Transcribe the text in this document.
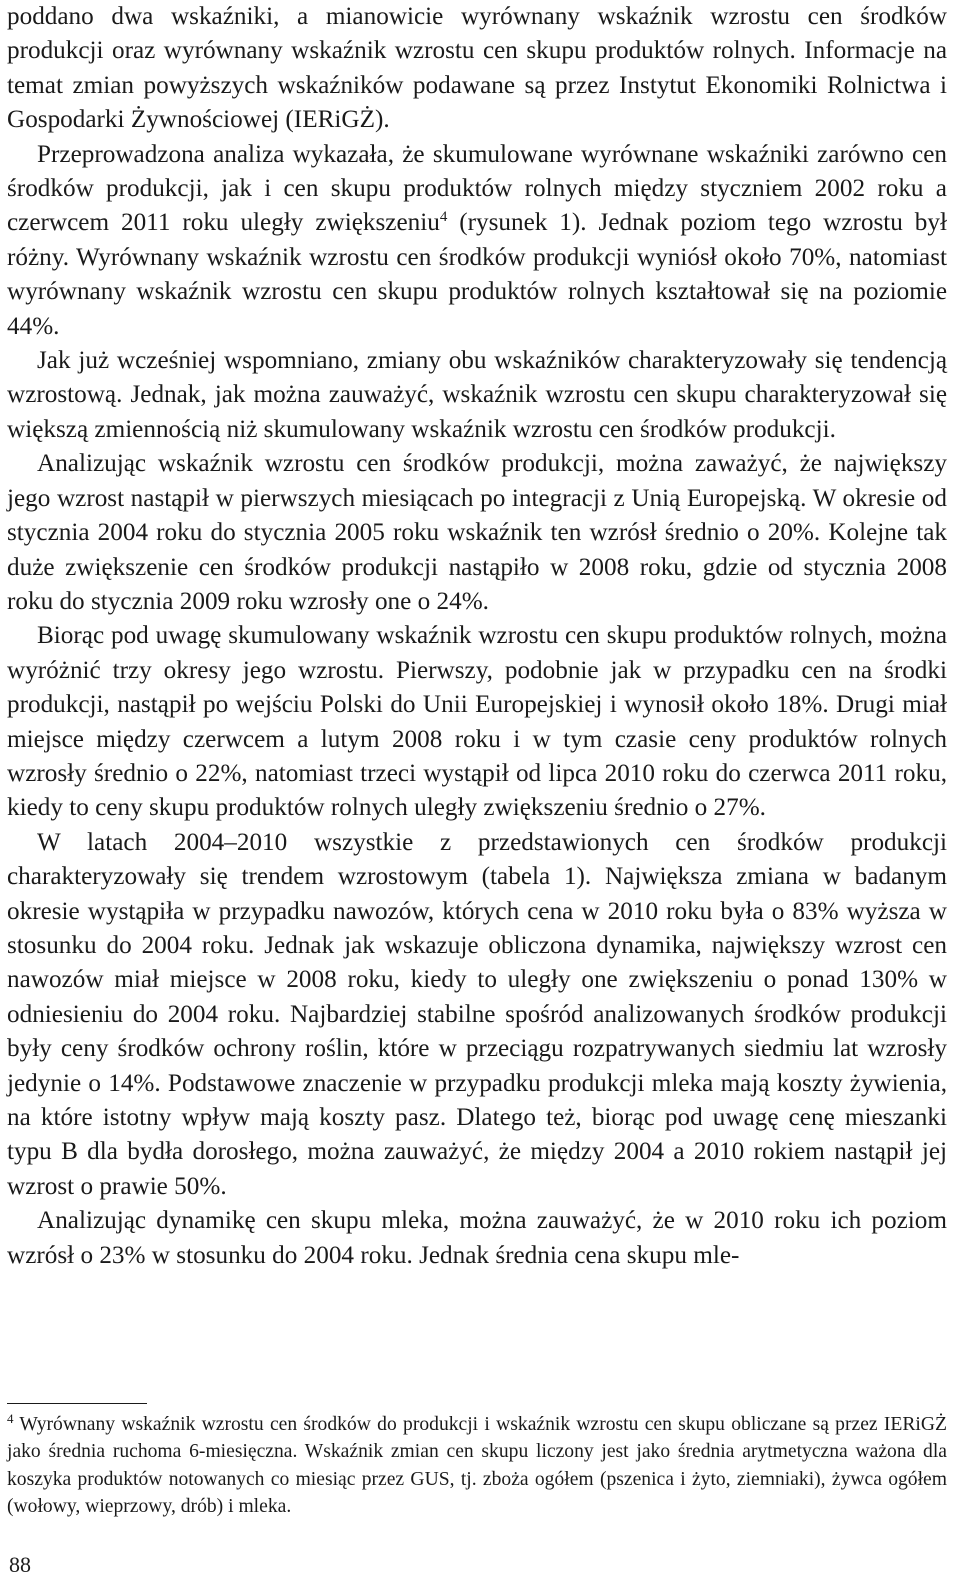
poddano dwa wskaźniki, a mianowicie wyrównany wskaźnik wzrostu cen środków produkcji oraz wyrównany wskaźnik wzrostu cen skupu produktów rolnych. Informacje na temat zmian powyższych wskaźników podawane są przez Instytut Ekonomiki Rolnictwa i Gospodarki Żywnościowej (IERiGŻ).

Przeprowadzona analiza wykazała, że skumulowane wyrównane wskaźniki zarówno cen środków produkcji, jak i cen skupu produktów rolnych między styczniem 2002 roku a czerwcem 2011 roku uległy zwiększeniu$^4$ (rysunek 1). Jednak poziom tego wzrostu był różny. Wyrównany wskaźnik wzrostu cen środków produkcji wyniósł około 70%, natomiast wyrównany wskaźnik wzrostu cen skupu produktów rolnych kształtował się na poziomie 44%.

Jak już wcześniej wspomniano, zmiany obu wskaźników charakteryzowały się tendencją wzrostową. Jednak, jak można zauważyć, wskaźnik wzrostu cen skupu charakteryzował się większą zmiennością niż skumulowany wskaźnik wzrostu cen środków produkcji.

Analizując wskaźnik wzrostu cen środków produkcji, można zaważyć, że największy jego wzrost nastąpił w pierwszych miesiącach po integracji z Unią Europejską. W okresie od stycznia 2004 roku do stycznia 2005 roku wskaźnik ten wzrósł średnio o 20%. Kolejne tak duże zwiększenie cen środków produkcji nastąpiło w 2008 roku, gdzie od stycznia 2008 roku do stycznia 2009 roku wzrosły one o 24%.

Biorąc pod uwagę skumulowany wskaźnik wzrostu cen skupu produktów rolnych, można wyróżnić trzy okresy jego wzrostu. Pierwszy, podobnie jak w przypadku cen na środki produkcji, nastąpił po wejściu Polski do Unii Europejskiej i wynosił około 18%. Drugi miał miejsce między czerwcem a lutym 2008 roku i w tym czasie ceny produktów rolnych wzrosły średnio o 22%, natomiast trzeci wystąpił od lipca 2010 roku do czerwca 2011 roku, kiedy to ceny skupu produktów rolnych uległy zwiększeniu średnio o 27%.

W latach 2004–2010 wszystkie z przedstawionych cen środków produkcji charakteryzowały się trendem wzrostowym (tabela 1). Największa zmiana w badanym okresie wystąpiła w przypadku nawozów, których cena w 2010 roku była o 83% wyższa w stosunku do 2004 roku. Jednak jak wskazuje obliczona dynamika, największy wzrost cen nawozów miał miejsce w 2008 roku, kiedy to uległy one zwiększeniu o ponad 130% w odniesieniu do 2004 roku. Najbardziej stabilne spośród analizowanych środków produkcji były ceny środków ochrony roślin, które w przeciągu rozpatrywanych siedmiu lat wzrosły jedynie o 14%. Podstawowe znaczenie w przypadku produkcji mleka mają koszty żywienia, na które istotny wpływ mają koszty pasz. Dlatego też, biorąc pod uwagę cenę mieszanki typu B dla bydła dorosłego, można zauważyć, że między 2004 a 2010 rokiem nastąpił jej wzrost o prawie 50%.

Analizując dynamikę cen skupu mleka, można zauważyć, że w 2010 roku ich poziom wzrósł o 23% w stosunku do 2004 roku. Jednak średnia cena skupu mle-

$^4$ Wyrównany wskaźnik wzrostu cen środków do produkcji i wskaźnik wzrostu cen skupu obliczane są przez IERiGŻ jako średnia ruchoma 6-miesięczna. Wskaźnik zmian cen skupu liczony jest jako średnia arytmetyczna ważona dla koszyka produktów notowanych co miesiąc przez GUS, tj. zboża ogółem (pszenica i żyto, ziemniaki), żywca ogółem (wołowy, wieprzowy, drób) i mleka.

88
